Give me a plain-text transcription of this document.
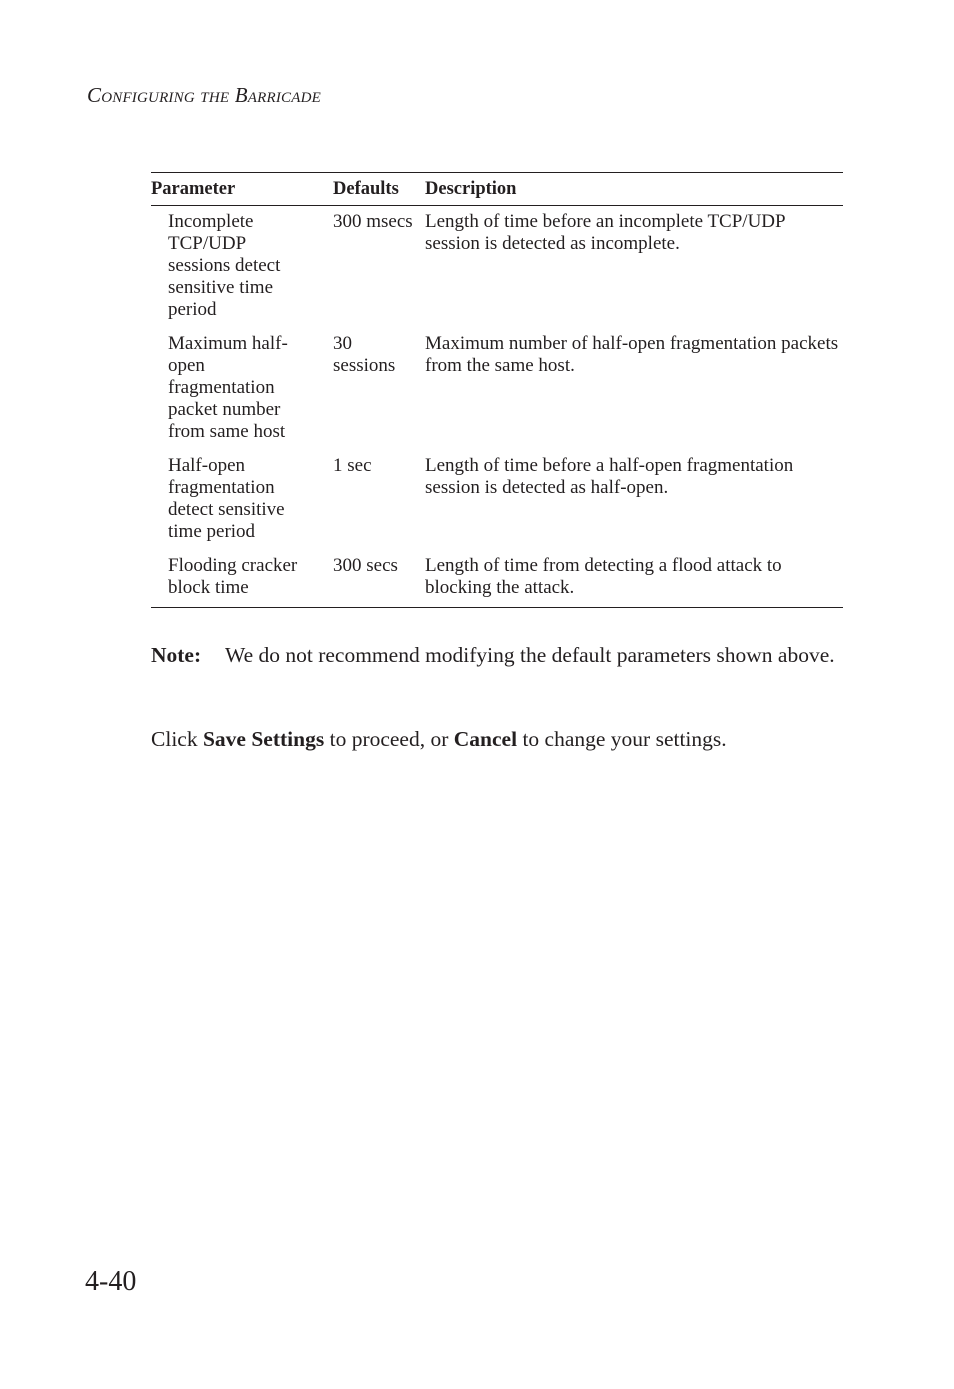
Configuring the Barricade
Parameter	Defaults	Description

Incomplete TCP/UDP sessions detect sensitive time period	300 msecs	Length of time before an incomplete TCP/UDP session is detected as incomplete.

Maximum half-open fragmentation packet number from same host	30 sessions	Maximum number of half-open fragmentation packets from the same host.

Half-open fragmentation detect sensitive time period	1 sec	Length of time before a half-open fragmentation session is detected as half-open.

Flooding cracker block time	300 secs	Length of time from detecting a flood attack to blocking the attack.
Note: We do not recommend modifying the default parameters shown above.

Click Save Settings to proceed, or Cancel to change your settings.

4-40
